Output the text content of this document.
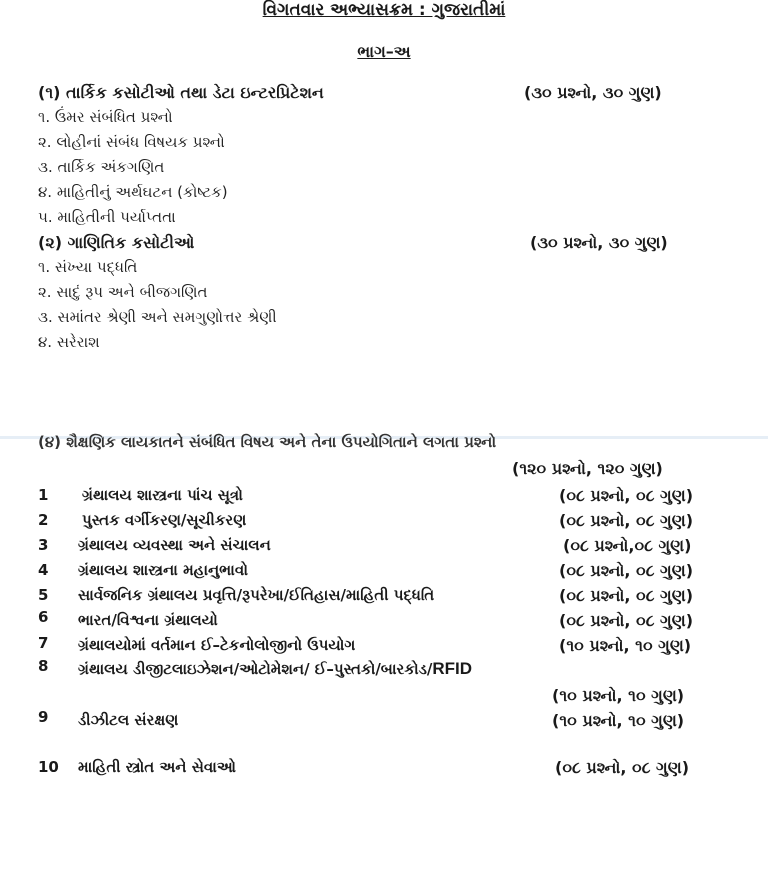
વિગતવાર અભ્યાસક્રમ : ગુજરાતીમાં
ભાગ–અ
(૧) તાર્કિક કસોટીઓ તથા ડેટા ઇન્ટરપ્રિટેશન	(૩૦ પ્રશ્નો, ૩૦ ગુણ)
૧. ઉંમર સંબંધિત પ્રશ્નો
૨. લોહીનાં સંબંધ વિષયક પ્રશ્નો
૩. તાર્કિક અંકગણિત
૪. માહિતીનું અર્થઘટન (કોષ્ટક)
૫. માહિતીની પર્યાપ્તતા
(૨) ગાણિતિક કસોટીઓ	(૩૦ પ્રશ્નો, ૩૦ ગુણ)
૧. સંખ્યા પદ્ધતિ
૨. સાદું રૂપ અને બીજગણિત
૩. સમાંતર શ્રેણી અને સમગુણોત્તર શ્રેણી
૪. સરેરાશ
(૪) શૈક્ષણિક લાયકાતને સંબંધિત વિષય અને તેના ઉપયોગિતાને લગતા પ્રશ્નો
(૧૨૦ પ્રશ્નો, ૧૨૦ ગુણ)
1 ગ્રંથાલય શાસ્ત્રના પાંચ સૂત્રો	(૦૮ પ્રશ્નો, ૦૮ ગુણ)
2 પુસ્તક વર્ગીકરણ/સૂચીકરણ	(૦૮ પ્રશ્નો, ૦૮ ગુણ)
3 ગ્રંથાલય વ્યવસ્થા અને સંચાલન	(૦૮ પ્રશ્નો,૦૮ ગુણ)
4 ગ્રંથાલય શાસ્ત્રના મહાનુભાવો	(૦૮ પ્રશ્નો, ૦૮ ગુણ)
5 સાર્વજનિક ગ્રંથાલય પ્રવૃત્તિ/રૂપરેખા/ઈતિહાસ/માહિતી પદ્ધતિ	(૦૮ પ્રશ્નો, ૦૮ ગુણ)
6 ભારત/વિશ્વના ગ્રંથાલયો	(૦૮ પ્રશ્નો, ૦૮ ગુણ)
7 ગ્રંથાલયોમાં વર્તમાન ઈ–ટેકનોલોજીનો ઉપયોગ	(૧૦ પ્રશ્નો, ૧૦ ગુણ)
8 ગ્રંથાલય ડીજીટલાઇઝેશન/ઓટોમેશન/ ઈ–પુસ્તકો/બારકોડ/RFID
(૧૦ પ્રશ્નો, ૧૦ ગુણ)
9 ડીઝીટલ સંરક્ષણ	(૧૦ પ્રશ્નો, ૧૦ ગુણ)
10 માહિતી સ્ત્રોત અને સેવાઓ	(૦૮ પ્રશ્નો, ૦૮ ગુણ)
